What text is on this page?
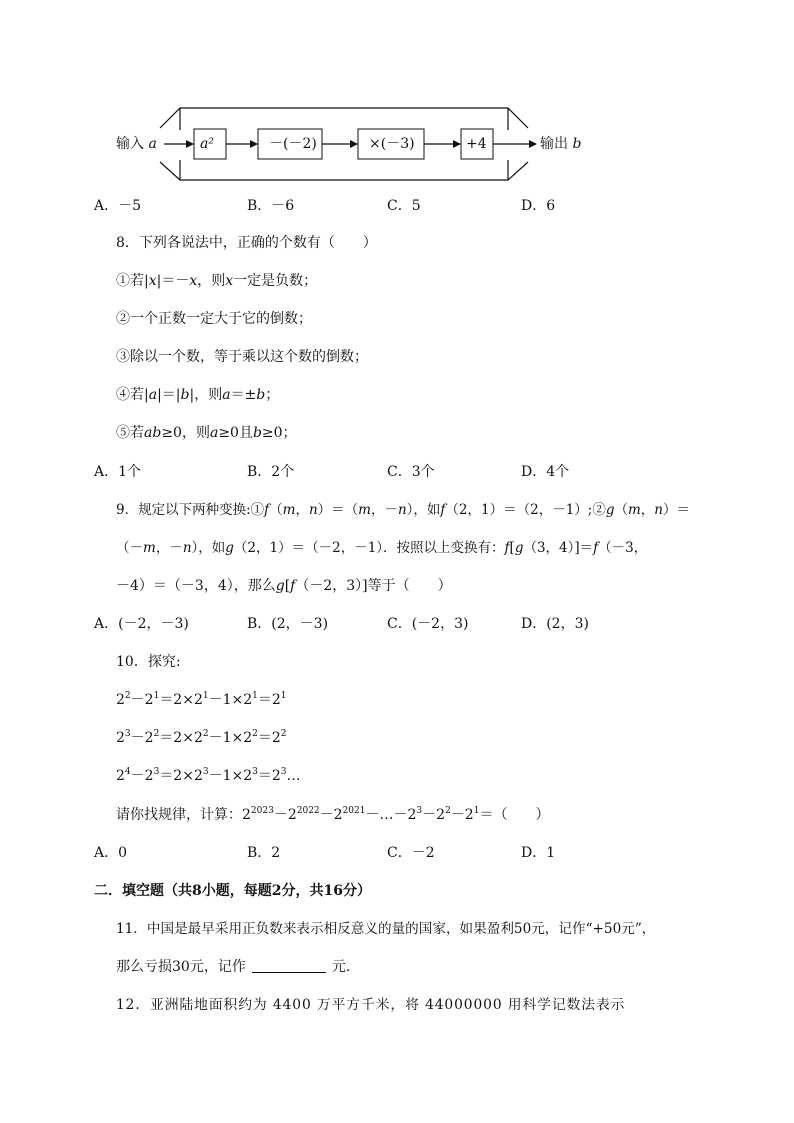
输入 a	a²	－(－2)	×(－3)	+4	输出 b
A．－5	B．－6	C．5	D．6
8．下列各说法中，正确的个数有（　　）
①若|x|＝－x，则x一定是负数；
②一个正数一定大于它的倒数；
③除以一个数，等于乘以这个数的倒数；
④若|a|＝|b|，则a＝±b；
⑤若ab≥0，则a≥0且b≥0；
A．1个	B．2个	C．3个	D．4个
9．规定以下两种变换:①f（m，n）＝（m，－n），如f（2，1）＝（2，－1）;②g（m，n）＝
（－m，－n），如g（2，1）＝（－2，－1）．按照以上变换有：f[g（3，4）]＝f（－3，
－4）＝（－3，4），那么g[f（－2，3）]等于（　　）
A．(－2，－3)	B．(2，－3)	C．(－2，3)	D．(2，3)
10．探究:
$2^2-2^1=2\times 2^1-1\times 2^1=2^1$
$2^3-2^2=2\times 2^2-1\times 2^2=2^2$
$2^4-2^3=2\times 2^3-1\times 2^3=2^3\dots$
请你找规律，计算：$2^{2023}-2^{2022}-2^{2021}-\dots-2^3-2^2-2^1=$（　　）
A．0	B．2	C．－2	D．1
二．填空题（共8小题，每题2分，共16分）
11．中国是最早采用正负数来表示相反意义的量的国家，如果盈利50元，记作“+50元”，
那么亏损30元，记作	元．
12．亚洲陆地面积约为 4400 万平方千米，将 44000000 用科学记数法表示
